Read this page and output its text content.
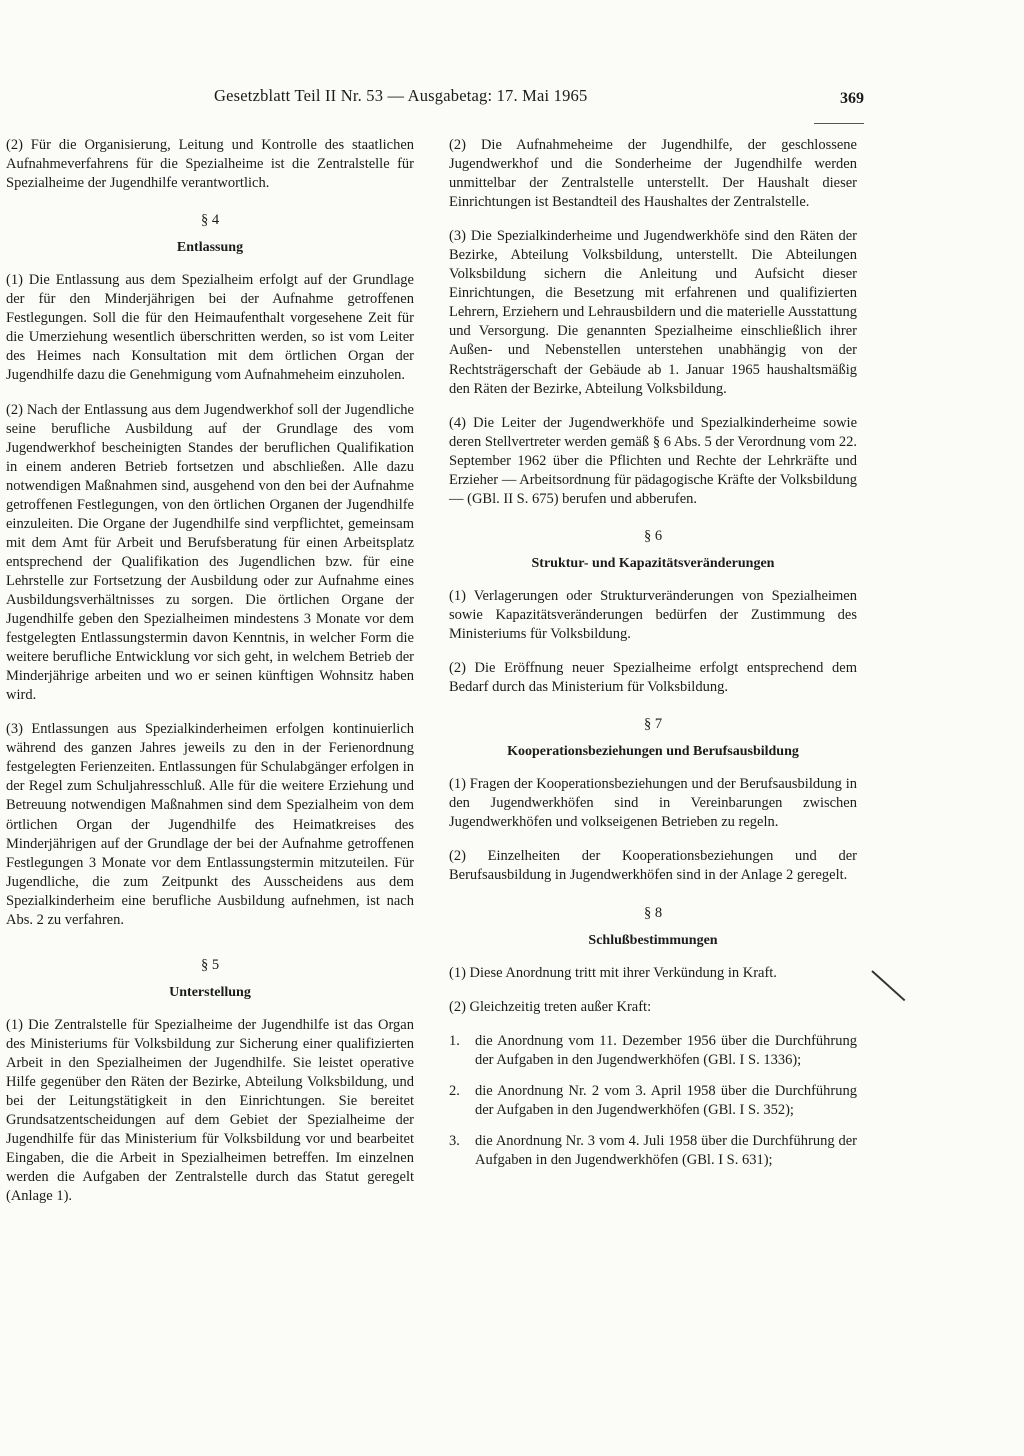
Gesetzblatt Teil II Nr. 53 — Ausgabetag: 17. Mai 1965	369

(2) Für die Organisierung, Leitung und Kontrolle des staatlichen Aufnahmeverfahrens für die Spezialheime ist die Zentralstelle für Spezialheime der Jugendhilfe verantwortlich.

§ 4
Entlassung

(1) Die Entlassung aus dem Spezialheim erfolgt auf der Grundlage der für den Minderjährigen bei der Aufnahme getroffenen Festlegungen. Soll die für den Heimaufenthalt vorgesehene Zeit für die Umerziehung wesentlich überschritten werden, so ist vom Leiter des Heimes nach Konsultation mit dem örtlichen Organ der Jugendhilfe dazu die Genehmigung vom Aufnahmeheim einzuholen.

(2) Nach der Entlassung aus dem Jugendwerkhof soll der Jugendliche seine berufliche Ausbildung auf der Grundlage des vom Jugendwerkhof bescheinigten Standes der beruflichen Qualifikation in einem anderen Betrieb fortsetzen und abschließen. Alle dazu notwendigen Maßnahmen sind, ausgehend von den bei der Aufnahme getroffenen Festlegungen, von den örtlichen Organen der Jugendhilfe einzuleiten. Die Organe der Jugendhilfe sind verpflichtet, gemeinsam mit dem Amt für Arbeit und Berufsberatung für einen Arbeitsplatz entsprechend der Qualifikation des Jugendlichen bzw. für eine Lehrstelle zur Fortsetzung der Ausbildung oder zur Aufnahme eines Ausbildungsverhältnisses zu sorgen. Die örtlichen Organe der Jugendhilfe geben den Spezialheimen mindestens 3 Monate vor dem festgelegten Entlassungstermin davon Kenntnis, in welcher Form die weitere berufliche Entwicklung vor sich geht, in welchem Betrieb der Minderjährige arbeiten und wo er seinen künftigen Wohnsitz haben wird.

(3) Entlassungen aus Spezialkinderheimen erfolgen kontinuierlich während des ganzen Jahres jeweils zu den in der Ferienordnung festgelegten Ferienzeiten. Entlassungen für Schulabgänger erfolgen in der Regel zum Schuljahresschluß. Alle für die weitere Erziehung und Betreuung notwendigen Maßnahmen sind dem Spezialheim von dem örtlichen Organ der Jugendhilfe des Heimatkreises des Minderjährigen auf der Grundlage der bei der Aufnahme getroffenen Festlegungen 3 Monate vor dem Entlassungstermin mitzuteilen. Für Jugendliche, die zum Zeitpunkt des Ausscheidens aus dem Spezialkinderheim eine berufliche Ausbildung aufnehmen, ist nach Abs. 2 zu verfahren.

§ 5
Unterstellung

(1) Die Zentralstelle für Spezialheime der Jugendhilfe ist das Organ des Ministeriums für Volksbildung zur Sicherung einer qualifizierten Arbeit in den Spezialheimen der Jugendhilfe. Sie leistet operative Hilfe gegenüber den Räten der Bezirke, Abteilung Volksbildung, und bei der Leitungstätigkeit in den Einrichtungen. Sie bereitet Grundsatzentscheidungen auf dem Gebiet der Spezialheime der Jugendhilfe für das Ministerium für Volksbildung vor und bearbeitet Eingaben, die die Arbeit in Spezialheimen betreffen. Im einzelnen werden die Aufgaben der Zentralstelle durch das Statut geregelt (Anlage 1).

(2) Die Aufnahmeheime der Jugendhilfe, der geschlossene Jugendwerkhof und die Sonderheime der Jugendhilfe werden unmittelbar der Zentralstelle unterstellt. Der Haushalt dieser Einrichtungen ist Bestandteil des Haushaltes der Zentralstelle.

(3) Die Spezialkinderheime und Jugendwerkhöfe sind den Räten der Bezirke, Abteilung Volksbildung, unterstellt. Die Abteilungen Volksbildung sichern die Anleitung und Aufsicht dieser Einrichtungen, die Besetzung mit erfahrenen und qualifizierten Lehrern, Erziehern und Lehrausbildern und die materielle Ausstattung und Versorgung. Die genannten Spezialheime einschließlich ihrer Außen- und Nebenstellen unterstehen unabhängig von der Rechtsträgerschaft der Gebäude ab 1. Januar 1965 haushaltsmäßig den Räten der Bezirke, Abteilung Volksbildung.

(4) Die Leiter der Jugendwerkhöfe und Spezialkinderheime sowie deren Stellvertreter werden gemäß § 6 Abs. 5 der Verordnung vom 22. September 1962 über die Pflichten und Rechte der Lehrkräfte und Erzieher — Arbeitsordnung für pädagogische Kräfte der Volksbildung — (GBl. II S. 675) berufen und abberufen.

§ 6
Struktur- und Kapazitätsveränderungen

(1) Verlagerungen oder Strukturveränderungen von Spezialheimen sowie Kapazitätsveränderungen bedürfen der Zustimmung des Ministeriums für Volksbildung.

(2) Die Eröffnung neuer Spezialheime erfolgt entsprechend dem Bedarf durch das Ministerium für Volksbildung.

§ 7
Kooperationsbeziehungen und Berufsausbildung

(1) Fragen der Kooperationsbeziehungen und der Berufsausbildung in den Jugendwerkhöfen sind in Vereinbarungen zwischen Jugendwerkhöfen und volkseigenen Betrieben zu regeln.

(2) Einzelheiten der Kooperationsbeziehungen und der Berufsausbildung in Jugendwerkhöfen sind in der Anlage 2 geregelt.

§ 8
Schlußbestimmungen

(1) Diese Anordnung tritt mit ihrer Verkündung in Kraft.

(2) Gleichzeitig treten außer Kraft:

1.	die Anordnung vom 11. Dezember 1956 über die Durchführung der Aufgaben in den Jugendwerkhöfen (GBl. I S. 1336);
2.	die Anordnung Nr. 2 vom 3. April 1958 über die Durchführung der Aufgaben in den Jugendwerkhöfen (GBl. I S. 352);
3.	die Anordnung Nr. 3 vom 4. Juli 1958 über die Durchführung der Aufgaben in den Jugendwerkhöfen (GBl. I S. 631);
